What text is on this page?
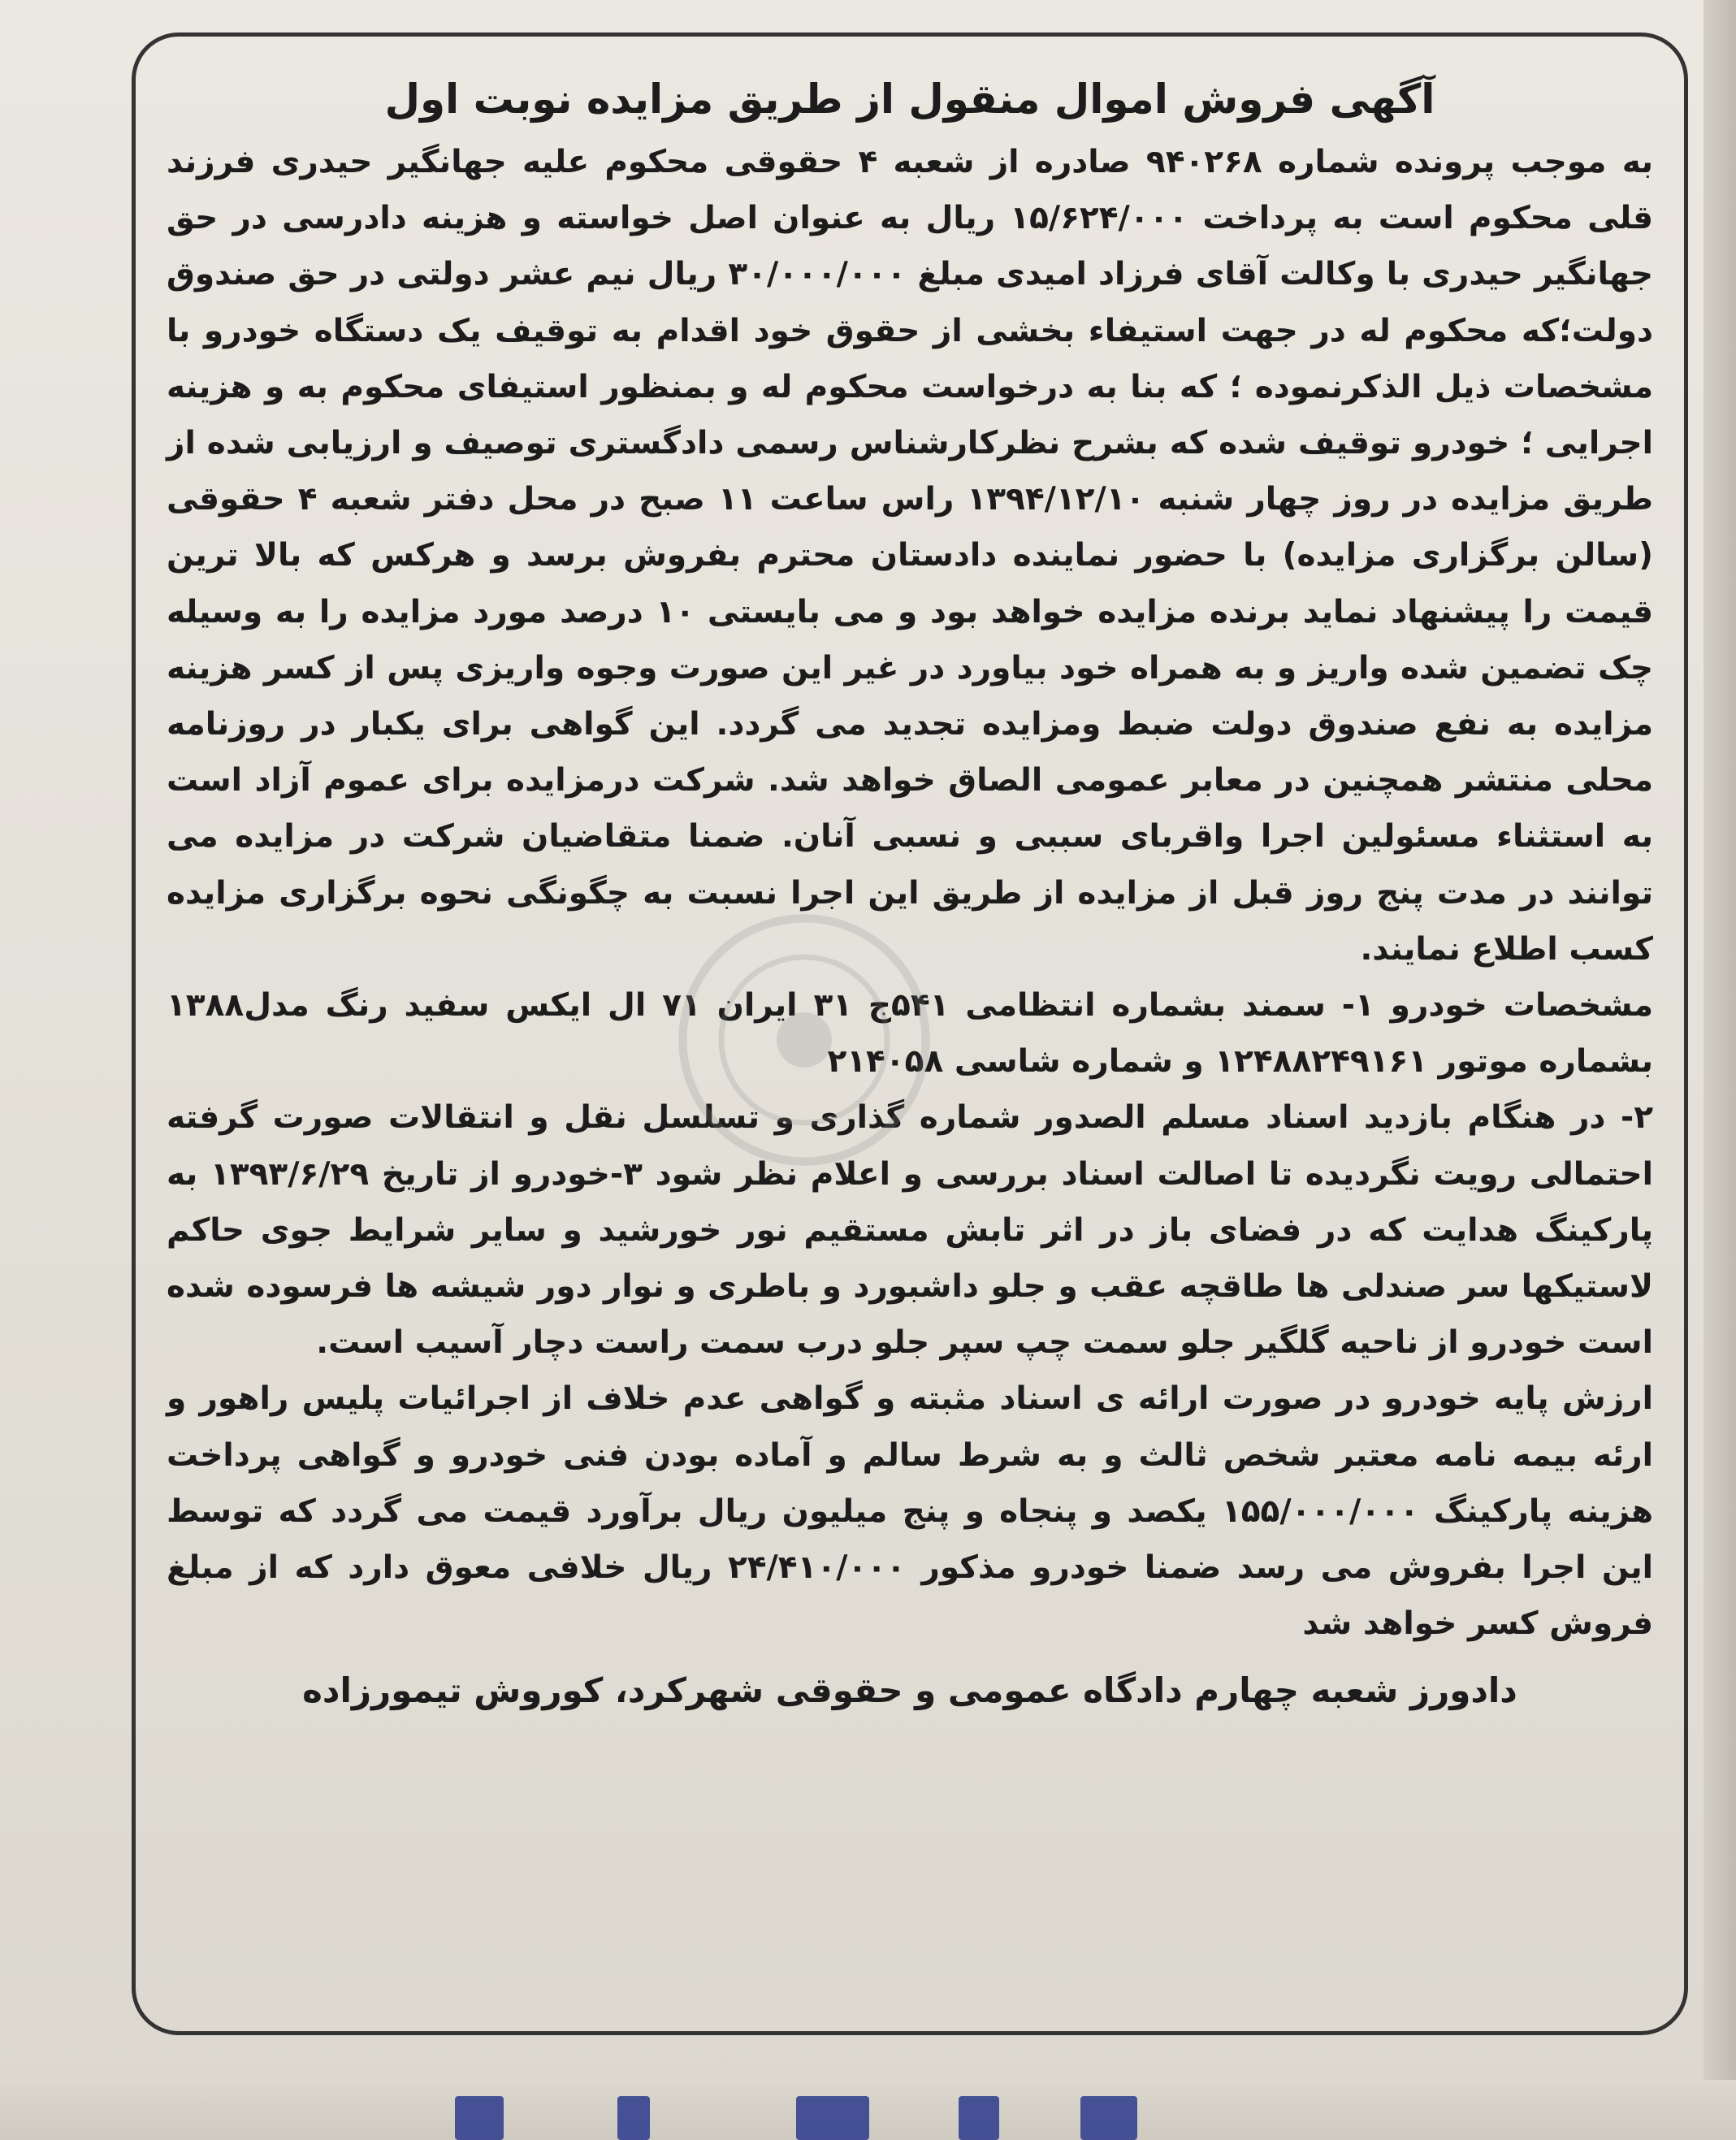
آگهی فروش اموال منقول از طریق مزایده نوبت اول

به موجب پرونده شماره ۹۴۰۲۶۸ صادره از شعبه ۴ حقوقی محکوم علیه جهانگیر حیدری فرزند قلی محکوم است به پرداخت ۱۵/۶۲۴/۰۰۰ ریال به عنوان اصل خواسته و هزینه دادرسی در حق جهانگیر حیدری با وکالت آقای فرزاد امیدی مبلغ ۳۰/۰۰۰/۰۰۰ ریال نیم عشر دولتی در حق صندوق دولت؛که محکوم له در جهت استیفاء بخشی از حقوق خود اقدام به توقیف یک دستگاه خودرو با مشخصات ذیل الذکرنموده ؛ که بنا به درخواست محکوم له و بمنظور استیفای محکوم به و هزینه اجرایی ؛ خودرو توقیف شده که بشرح نظرکارشناس رسمی دادگستری توصیف و ارزیابی شده از طریق مزایده در روز چهار شنبه ۱۳۹۴/۱۲/۱۰ راس ساعت ۱۱ صبح در محل دفتر شعبه ۴ حقوقی (سالن برگزاری مزایده) با حضور نماینده دادستان محترم بفروش برسد و هرکس که بالا ترین قیمت را پیشنهاد نماید برنده مزایده خواهد بود و می بایستی ۱۰ درصد مورد مزایده را به وسیله چک تضمین شده واریز و به همراه خود بیاورد در غیر این صورت وجوه واریزی پس از کسر هزینه مزایده به نفع صندوق دولت ضبط ومزایده تجدید می گردد. این گواهی برای یکبار در روزنامه محلی منتشر همچنین در معابر عمومی الصاق خواهد شد. شرکت درمزایده برای عموم آزاد است به استثناء مسئولین اجرا واقربای سببی و نسبی آنان. ضمنا متقاضیان شرکت در مزایده می توانند در مدت پنج روز قبل از مزایده از طریق این اجرا نسبت به چگونگی نحوه برگزاری مزایده کسب اطلاع نمایند.

مشخصات خودرو ۱- سمند بشماره انتظامی ۵۴۱ج ۳۱ ایران ۷۱ ال ایکس سفید رنگ مدل۱۳۸۸ بشماره موتور ۱۲۴۸۸۲۴۹۱۶۱ و شماره شاسی ۲۱۴۰۵۸

۲- در هنگام بازدید اسناد مسلم الصدور شماره گذاری و تسلسل نقل و انتقالات صورت گرفته احتمالی رویت نگردیده تا اصالت اسناد بررسی و اعلام نظر شود ۳-خودرو از تاریخ ۱۳۹۳/۶/۲۹ به پارکینگ هدایت که در فضای باز در اثر تابش مستقیم نور خورشید و سایر شرایط جوی حاکم لاستیکها سر صندلی ها طاقچه عقب و جلو داشبورد و باطری و نوار دور شیشه ها فرسوده شده است خودرو از ناحیه گلگیر جلو سمت چپ سپر جلو درب سمت راست دچار آسیب است.

ارزش پایه خودرو در صورت ارائه ی اسناد مثبته و گواهی عدم خلاف از اجرائیات پلیس راهور و ارئه بیمه نامه معتبر شخص ثالث و به شرط سالم و آماده بودن فنی خودرو و گواهی پرداخت هزینه پارکینگ ۱۵۵/۰۰۰/۰۰۰ یکصد و پنجاه و پنج میلیون ریال برآورد قیمت می گردد که توسط این اجرا بفروش می رسد ضمنا خودرو مذکور ۲۴/۴۱۰/۰۰۰ ریال خلافی معوق دارد که از مبلغ فروش کسر خواهد شد

دادورز شعبه چهارم دادگاه عمومی و حقوقی شهرکرد، کوروش تیمورزاده
